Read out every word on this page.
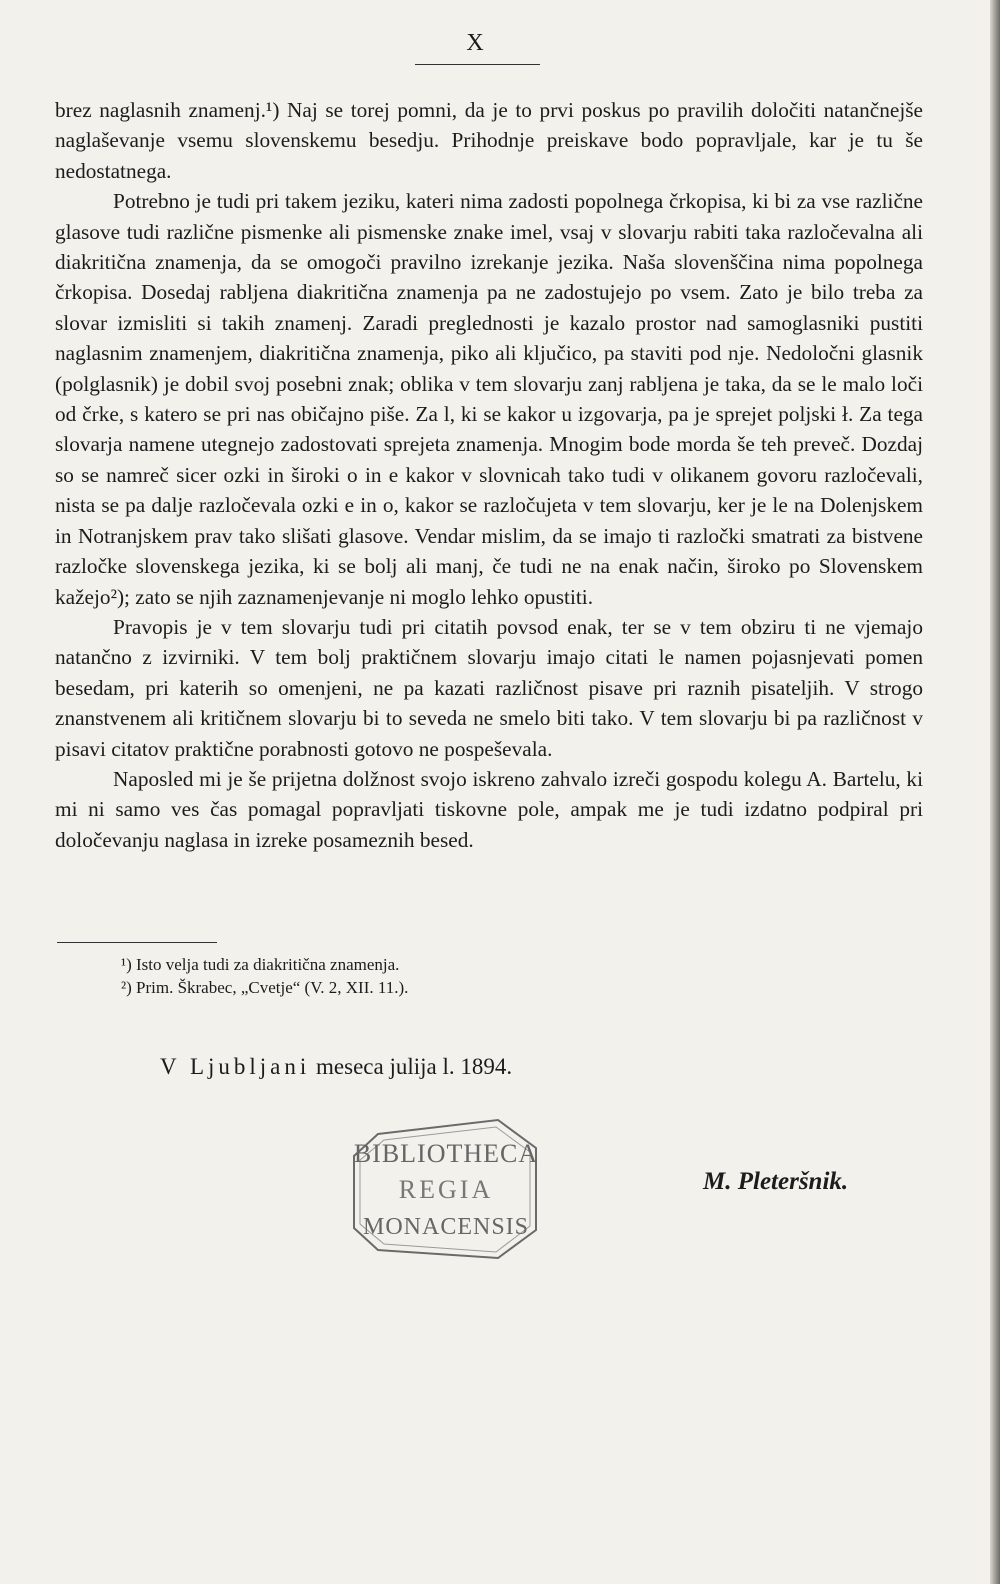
X

brez naglasnih znamenj.¹) Naj se torej pomni, da je to prvi poskus po pravilih določiti natančnejše naglaševanje vsemu slovenskemu besedju. Prihodnje preiskave bodo popravljale, kar je tu še nedostatnega.

Potrebno je tudi pri takem jeziku, kateri nima zadosti popolnega črkopisa, ki bi za vse različne glasove tudi različne pismenke ali pismenske znake imel, vsaj v slovarju rabiti taka razločevalna ali diakritična znamenja, da se omogoči pravilno izrekanje jezika. Naša slovenščina nima popolnega črkopisa. Dosedaj rabljena diakritična znamenja pa ne zadostujejo po vsem. Zato je bilo treba za slovar izmisliti si takih znamenj. Zaradi preglednosti je kazalo prostor nad samoglasniki pustiti naglasnim znamenjem, diakritična znamenja, piko ali ključico, pa staviti pod nje. Nedoločni glasnik (polglasnik) je dobil svoj posebni znak; oblika v tem slovarju zanj rabljena je taka, da se le malo loči od črke, s katero se pri nas običajno piše. Za l, ki se kakor u izgovarja, pa je sprejet poljski ł. Za tega slovarja namene utegnejo zadostovati sprejeta znamenja. Mnogim bode morda še teh preveč. Dozdaj so se namreč sicer ozki in široki o in e kakor v slovnicah tako tudi v olikanem govoru razločevali, nista se pa dalje razločevala ozki e in o, kakor se razločujeta v tem slovarju, ker je le na Dolenjskem in Notranjskem prav tako slišati glasove. Vendar mislim, da se imajo ti razločki smatrati za bistvene razločke slovenskega jezika, ki se bolj ali manj, če tudi ne na enak način, široko po Slovenskem kažejo²); zato se njih zaznamenjevanje ni moglo lehko opustiti.

Pravopis je v tem slovarju tudi pri citatih povsod enak, ter se v tem obziru ti ne vjemajo natančno z izvirniki. V tem bolj praktičnem slovarju imajo citati le namen pojasnjevati pomen besedam, pri katerih so omenjeni, ne pa kazati različnost pisave pri raznih pisateljih. V strogo znanstvenem ali kritičnem slovarju bi to seveda ne smelo biti tako. V tem slovarju bi pa različnost v pisavi citatov praktične porabnosti gotovo ne pospeševala.

Naposled mi je še prijetna dolžnost svojo iskreno zahvalo izreči gospodu kolegu A. Bartelu, ki mi ni samo ves čas pomagal popravljati tiskovne pole, ampak me je tudi izdatno podpiral pri določevanju naglasa in izreke posameznih besed.

¹) Isto velja tudi za diakritična znamenja.

²) Prim. Škrabec, „Cvetje“ (V. 2, XII. 11.).

V Ljubljani meseca julija l. 1894.
BIBLIOTHECA
REGIA
MONACENSIS
M. Pleteršnik.
